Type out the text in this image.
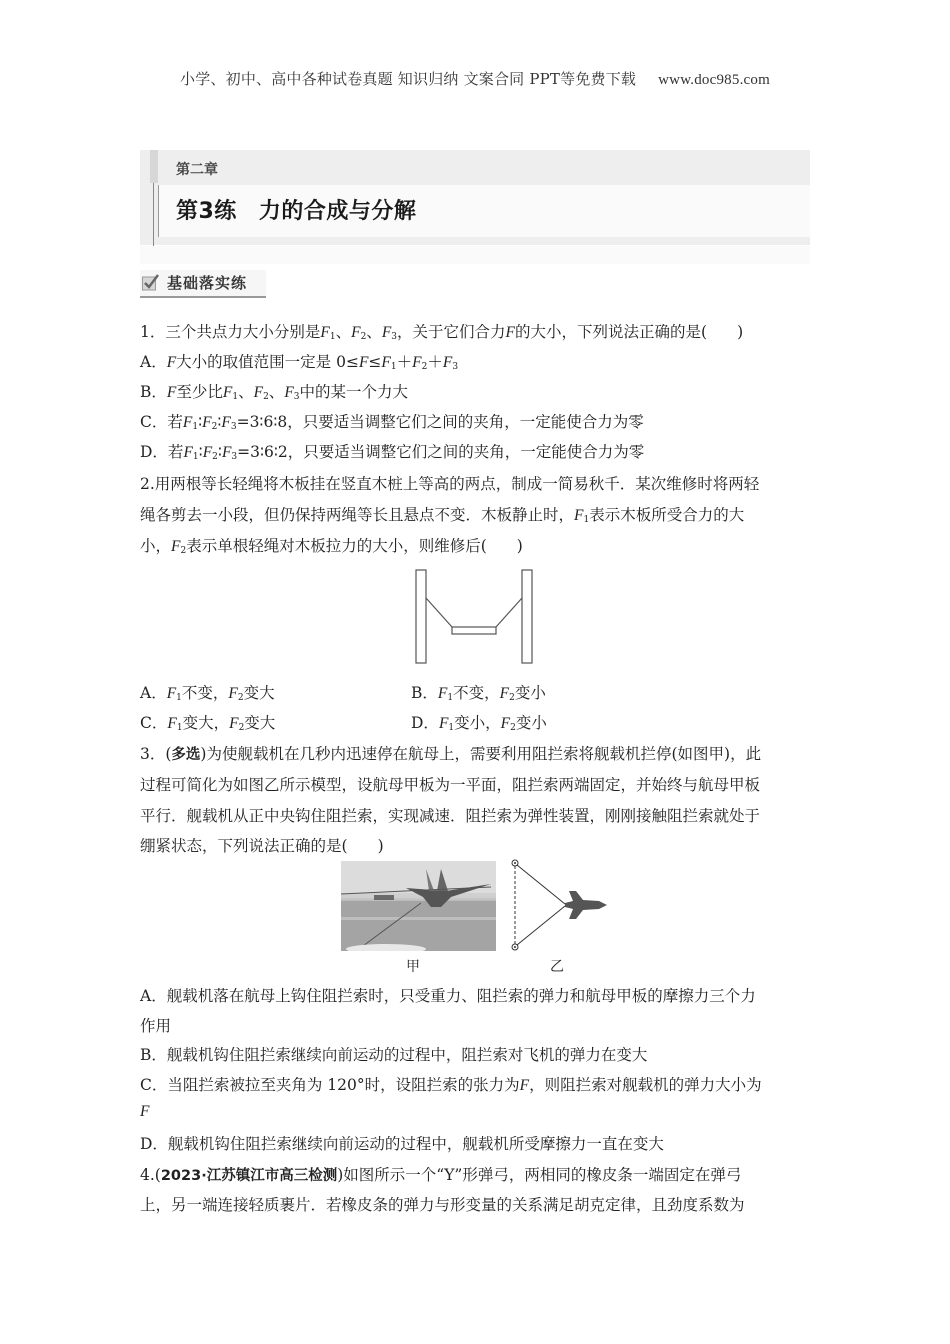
小学、初中、高中各种试卷真题 知识归纳 文案合同 PPT等免费下载 www.doc985.com
第二章
第3练 力的合成与分解
基础落实练
1．三个共点力大小分别是$F_1$、$F_2$、$F_3$，关于它们合力F的大小，下列说法正确的是( )
A．F大小的取值范围一定是 $0\le F\le F_1+F_2+F_3$
B．F至少比$F_1$、$F_2$、$F_3$中的某一个力大
C．若$F_1∶F_2∶F_3=3∶6∶8$，只要适当调整它们之间的夹角，一定能使合力为零
D．若$F_1∶F_2∶F_3=3∶6∶2$，只要适当调整它们之间的夹角，一定能使合力为零
2.用两根等长轻绳将木板挂在竖直木桩上等高的两点，制成一简易秋千．某次维修时将两轻
绳各剪去一小段，但仍保持两绳等长且悬点不变．木板静止时，$F_1$表示木板所受合力的大
小，$F_2$表示单根轻绳对木板拉力的大小，则维修后( )
A．$F_1$不变，$F_2$变大	B．$F_1$不变，$F_2$变小
C．$F_1$变大，$F_2$变大	D．$F_1$变小，$F_2$变小
3．(多选)为使舰载机在几秒内迅速停在航母上，需要利用阻拦索将舰载机拦停(如图甲)，此
过程可简化为如图乙所示模型，设航母甲板为一平面，阻拦索两端固定，并始终与航母甲板
平行．舰载机从正中央钩住阻拦索，实现减速．阻拦索为弹性装置，刚刚接触阻拦索就处于
绷紧状态，下列说法正确的是( )
甲	乙
A．舰载机落在航母上钩住阻拦索时，只受重力、阻拦索的弹力和航母甲板的摩擦力三个力
作用
B．舰载机钩住阻拦索继续向前运动的过程中，阻拦索对飞机的弹力在变大
C．当阻拦索被拉至夹角为 120°时，设阻拦索的张力为F，则阻拦索对舰载机的弹力大小为
F
D．舰载机钩住阻拦索继续向前运动的过程中，舰载机所受摩擦力一直在变大
4.(2023·江苏镇江市高三检测)如图所示一个“Y”形弹弓，两相同的橡皮条一端固定在弹弓
上，另一端连接轻质裹片．若橡皮条的弹力与形变量的关系满足胡克定律，且劲度系数为
